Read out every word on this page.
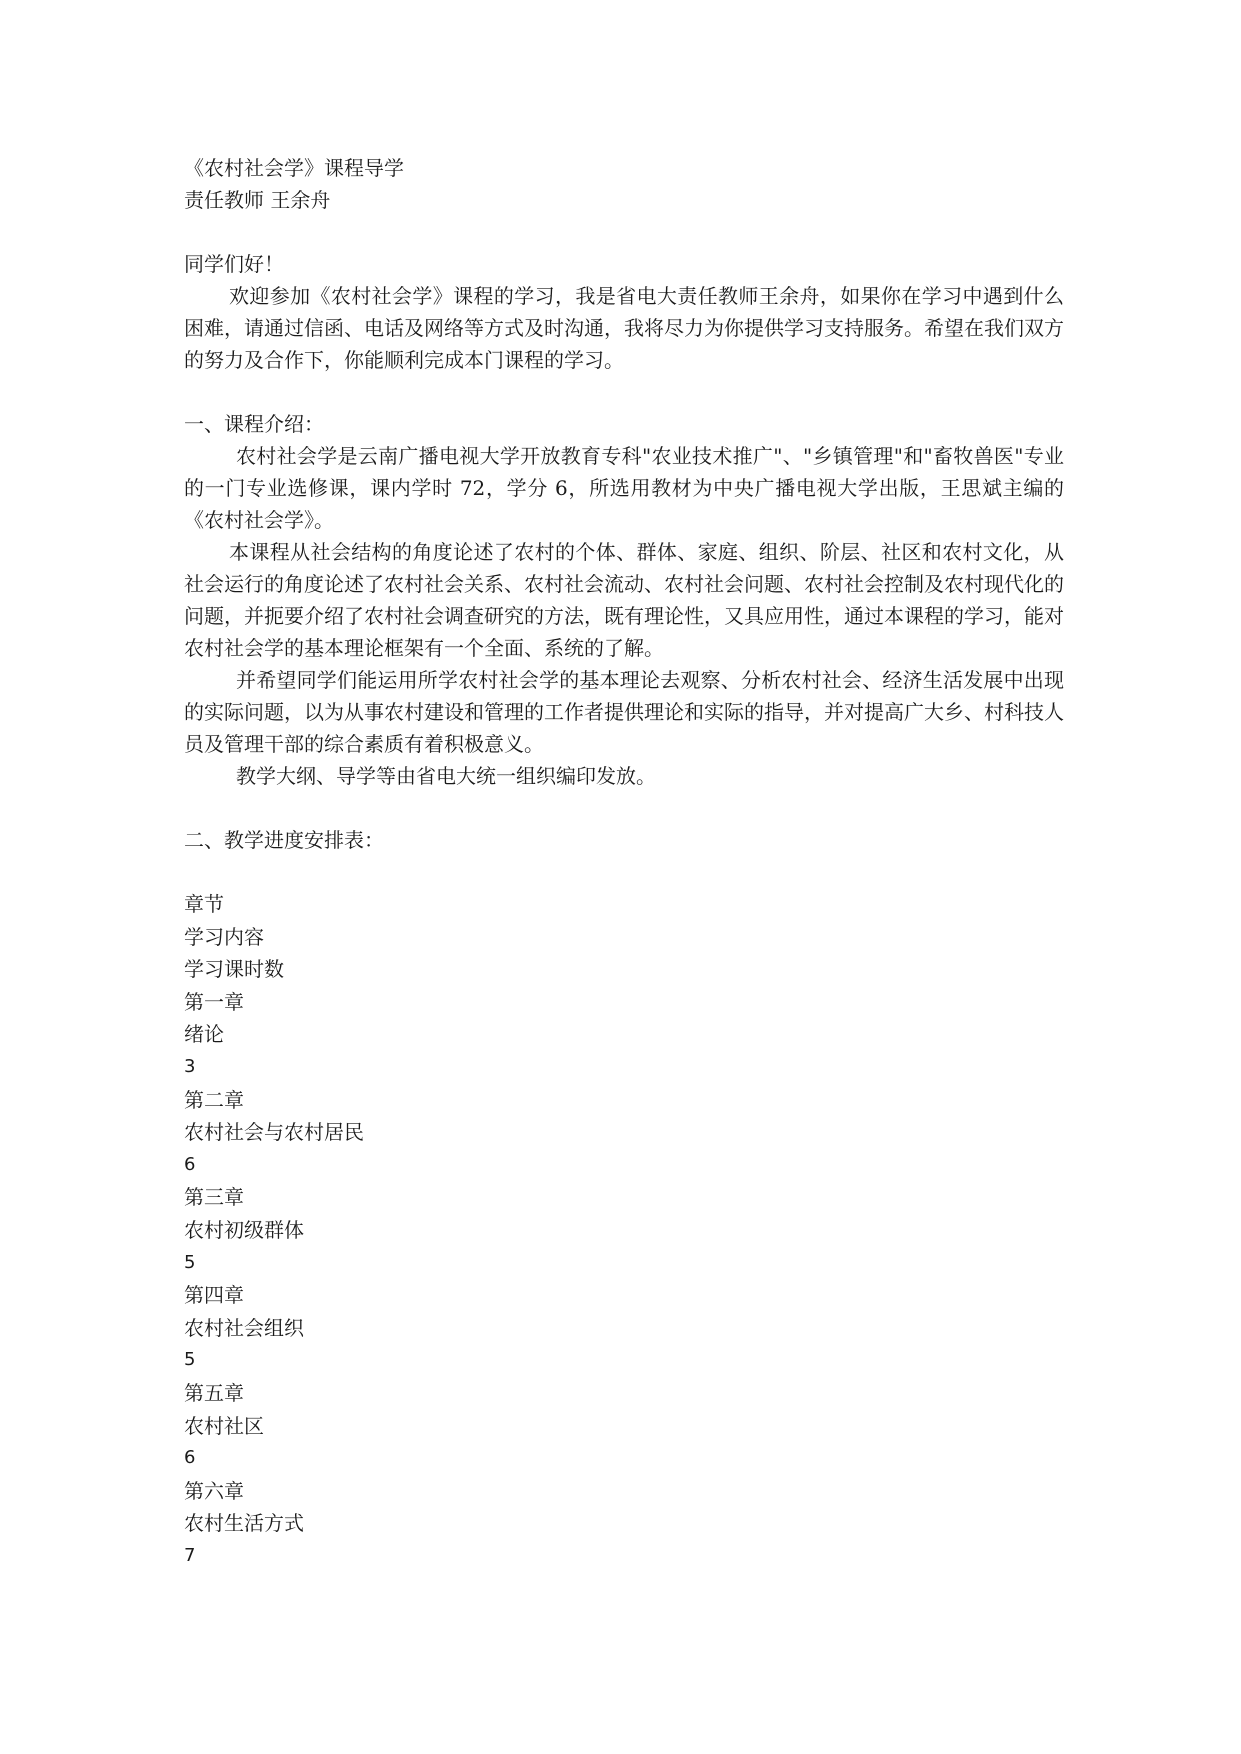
《农村社会学》课程导学
责任教师 王余舟
同学们好！
欢迎参加《农村社会学》课程的学习，我是省电大责任教师王余舟，如果你在学习中遇到什么困难，请通过信函、电话及网络等方式及时沟通，我将尽力为你提供学习支持服务。希望在我们双方的努力及合作下，你能顺利完成本门课程的学习。
一、课程介绍：
农村社会学是云南广播电视大学开放教育专科"农业技术推广"、"乡镇管理"和"畜牧兽医"专业的一门专业选修课，课内学时 72，学分 6，所选用教材为中央广播电视大学出版，王思斌主编的《农村社会学》。
本课程从社会结构的角度论述了农村的个体、群体、家庭、组织、阶层、社区和农村文化，从社会运行的角度论述了农村社会关系、农村社会流动、农村社会问题、农村社会控制及农村现代化的问题，并扼要介绍了农村社会调查研究的方法，既有理论性，又具应用性，通过本课程的学习，能对农村社会学的基本理论框架有一个全面、系统的了解。
并希望同学们能运用所学农村社会学的基本理论去观察、分析农村社会、经济生活发展中出现的实际问题，以为从事农村建设和管理的工作者提供理论和实际的指导，并对提高广大乡、村科技人员及管理干部的综合素质有着积极意义。
教学大纲、导学等由省电大统一组织编印发放。
二、教学进度安排表：
章节
学习内容
学习课时数
第一章
绪论
3
第二章
农村社会与农村居民
6
第三章
农村初级群体
5
第四章
农村社会组织
5
第五章
农村社区
6
第六章
农村生活方式
7
